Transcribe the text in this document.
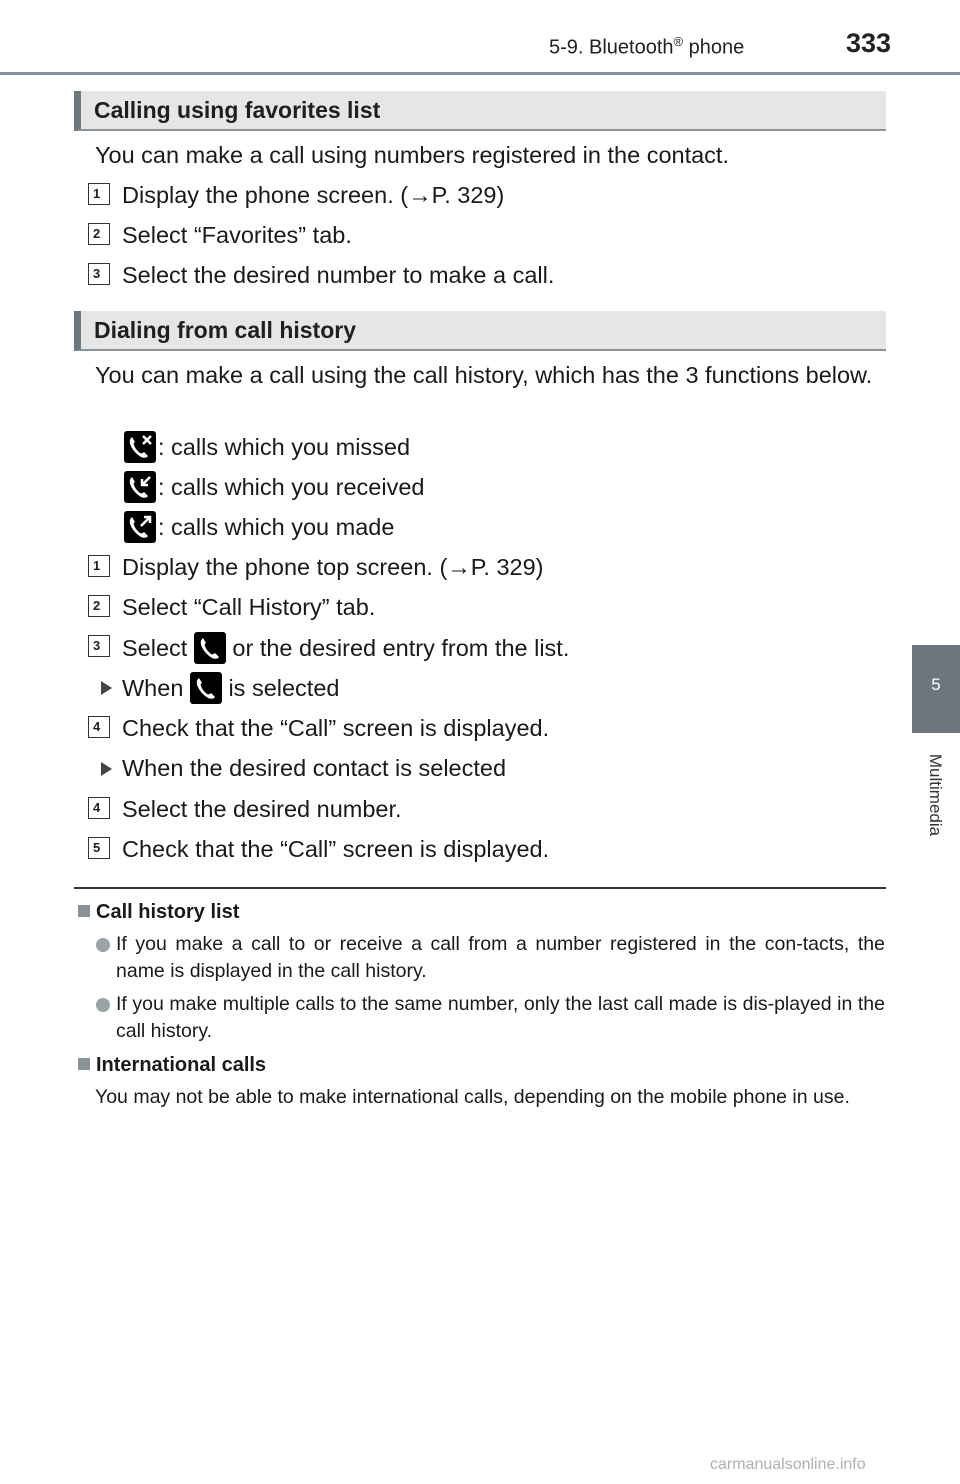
5-9. Bluetooth® phone	333
5
Multimedia
Calling using favorites list
You can make a call using numbers registered in the contact.
1 Display the phone screen. (→P. 329)
2 Select “Favorites” tab.
3 Select the desired number to make a call.
Dialing from call history
You can make a call using the call history, which has the 3 functions below.
: calls which you missed
: calls which you received
: calls which you made
1 Display the phone top screen. (→P. 329)
2 Select “Call History” tab.
3 Select
or the desired entry from the list.
When
is selected
4 Check that the “Call” screen is displayed.
When the desired contact is selected
4 Select the desired number.
5 Check that the “Call” screen is displayed.
Call history list
If you make a call to or receive a call from a number registered in the con-tacts, the name is displayed in the call history.
If you make multiple calls to the same number, only the last call made is dis-played in the call history.
International calls
You may not be able to make international calls, depending on the mobile phone in use.
carmanualsonline.info
